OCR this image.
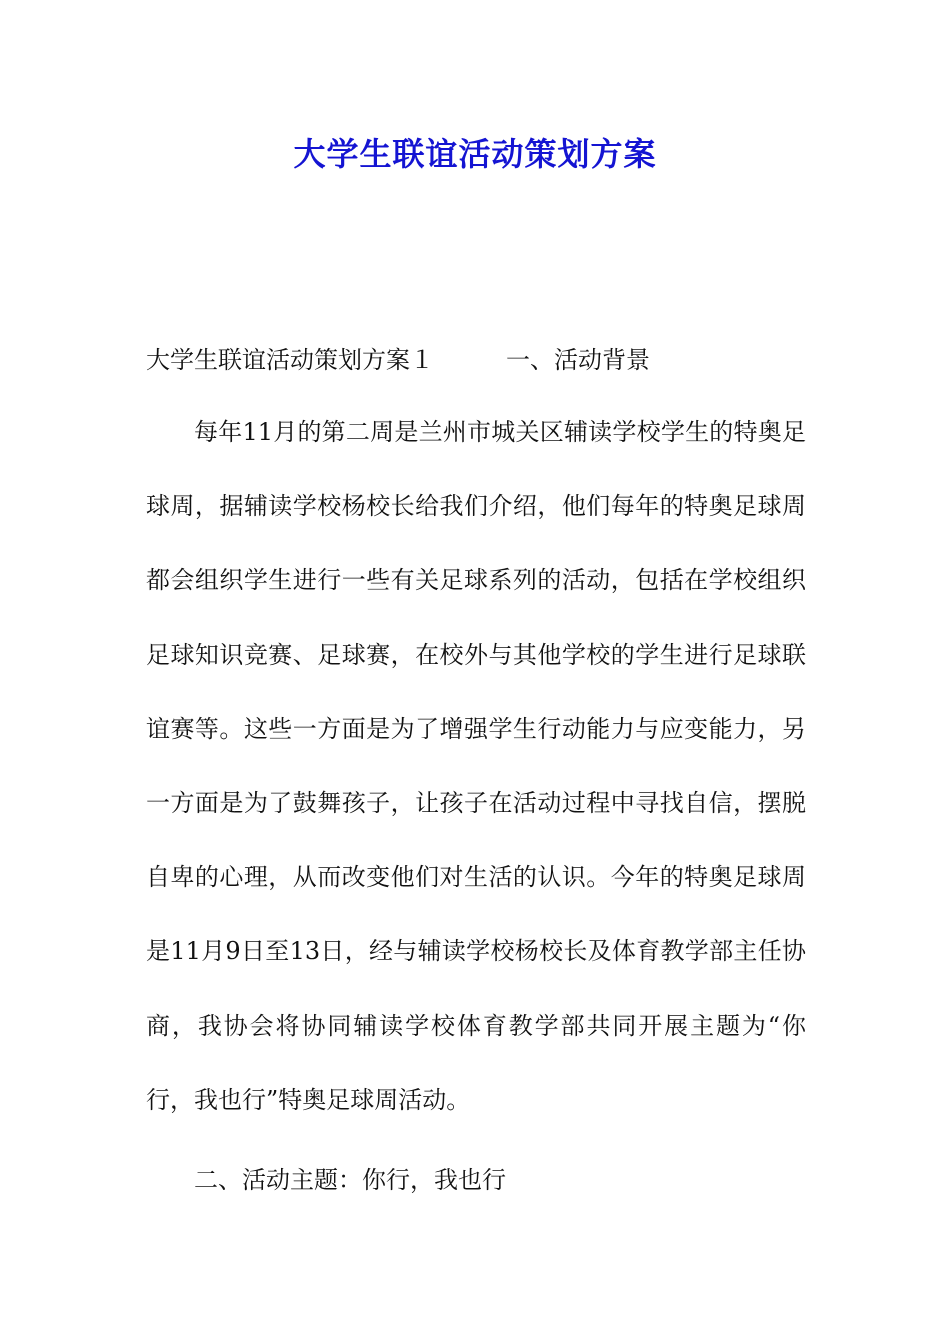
大学生联谊活动策划方案

大学生联谊活动策划方案１　　　一、活动背景

每年11月的第二周是兰州市城关区辅读学校学生的特奥足球周，据辅读学校杨校长给我们介绍，他们每年的特奥足球周都会组织学生进行一些有关足球系列的活动，包括在学校组织足球知识竞赛、足球赛，在校外与其他学校的学生进行足球联谊赛等。这些一方面是为了增强学生行动能力与应变能力，另一方面是为了鼓舞孩子，让孩子在活动过程中寻找自信，摆脱自卑的心理，从而改变他们对生活的认识。今年的特奥足球周是11月9日至13日，经与辅读学校杨校长及体育教学部主任协商，我协会将协同辅读学校体育教学部共同开展主题为“你行，我也行”特奥足球周活动。

二、活动主题：你行，我也行
